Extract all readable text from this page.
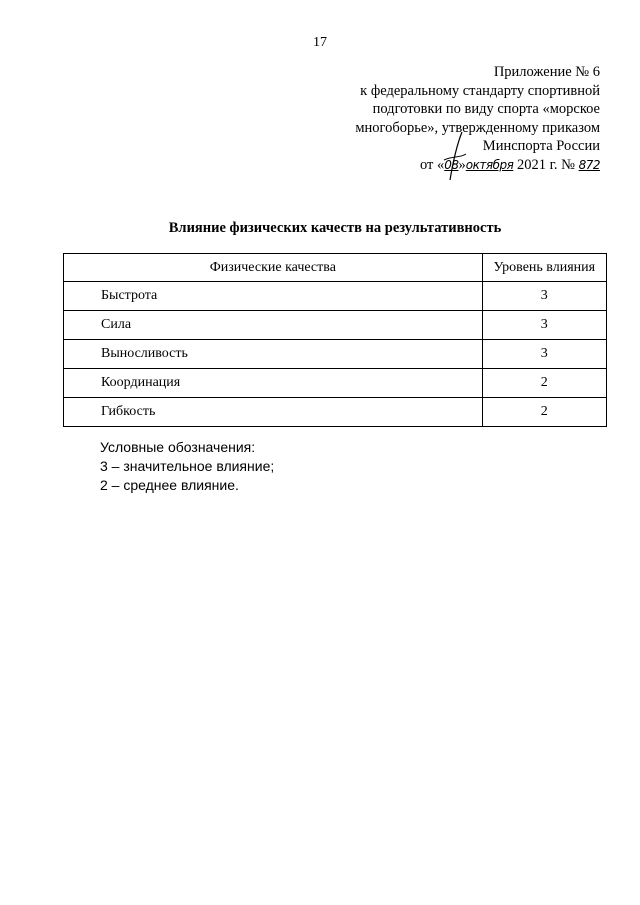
17
Приложение № 6
к федеральному стандарту спортивной
подготовки по виду спорта «морское
многоборье», утвержденному приказом
Минспорта России
от «08»октября 2021 г. № 872
Влияние физических качеств на результативность
Физические качества	Уровень влияния
Быстрота	3
Сила	3
Выносливость	3
Координация	2
Гибкость	2
Условные обозначения:
3 – значительное влияние;
2 – среднее влияние.
